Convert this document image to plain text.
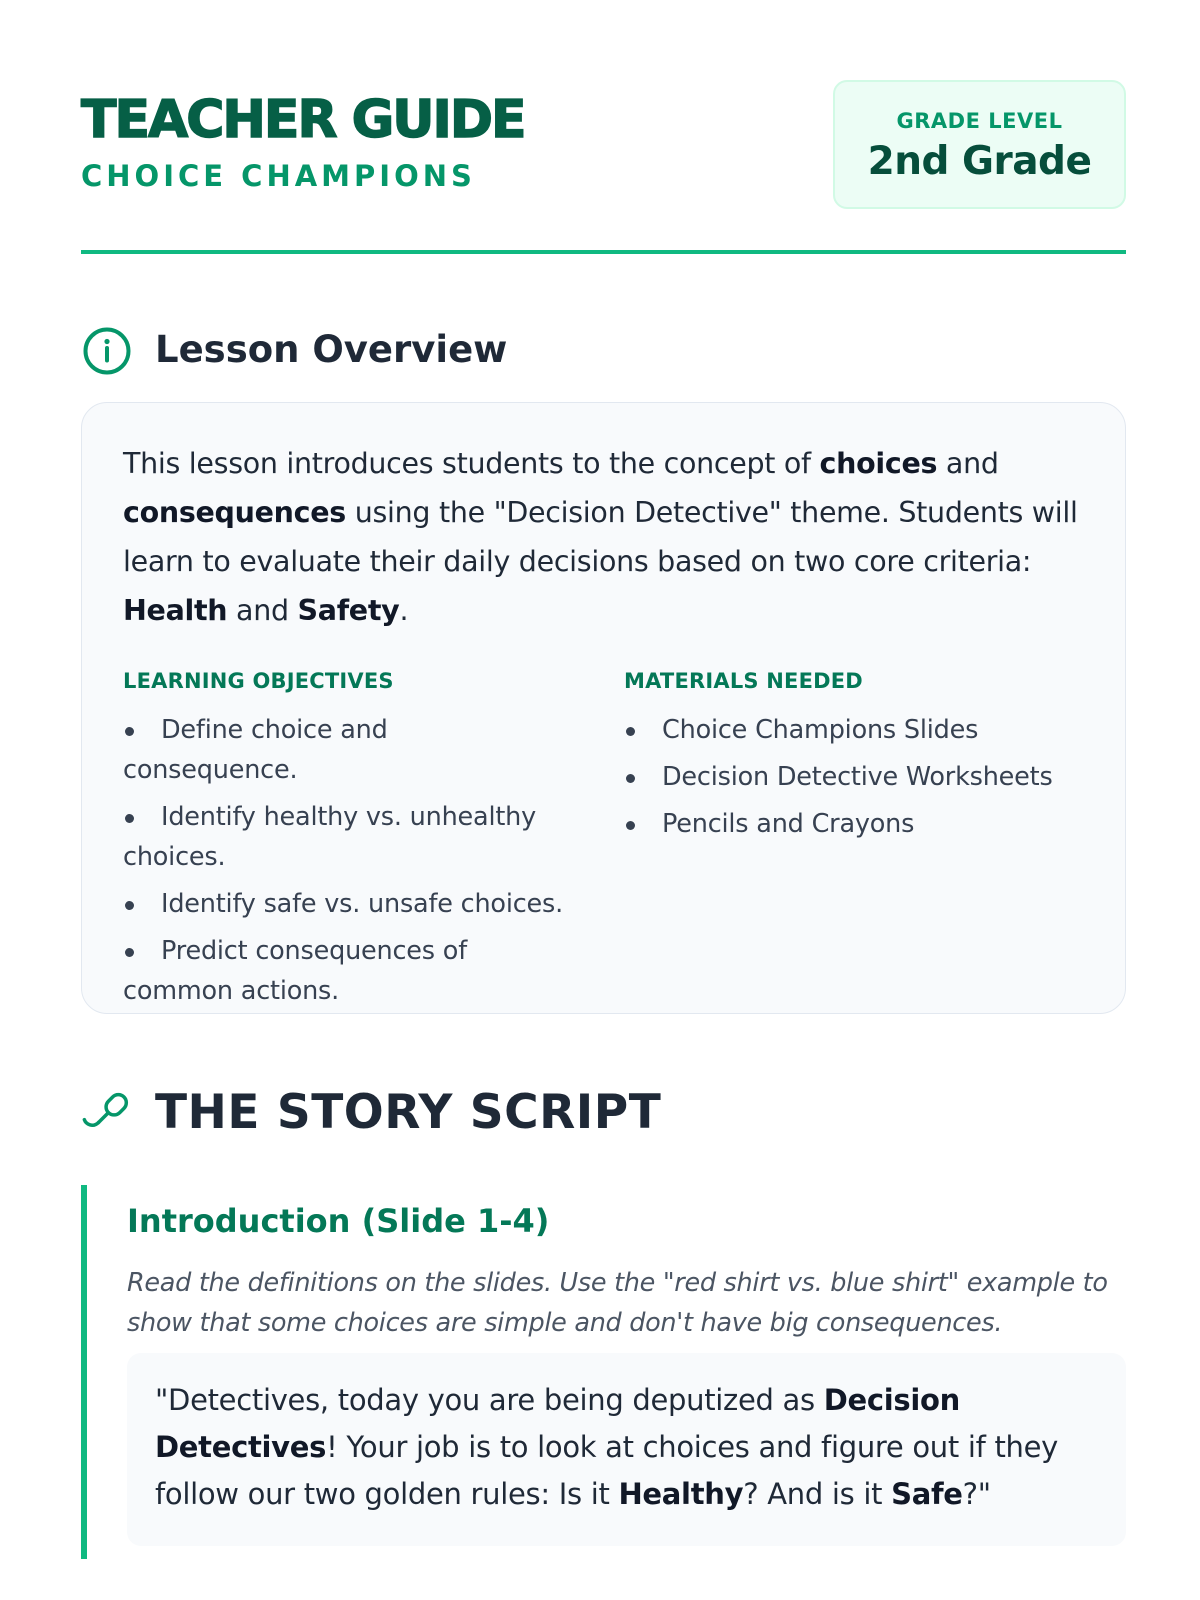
TEACHER GUIDE
CHOICE CHAMPIONS
GRADE LEVEL
2nd Grade
Lesson Overview

This lesson introduces students to the concept of choices and consequences using the "Decision Detective" theme. Students will learn to evaluate their daily decisions based on two core criteria: Health and Safety.

LEARNING OBJECTIVES
Define choice and consequence.
Identify healthy vs. unhealthy choices.
Identify safe vs. unsafe choices.
Predict consequences of common actions.
MATERIALS NEEDED
Choice Champions Slides
Decision Detective Worksheets
Pencils and Crayons
THE STORY SCRIPT
Introduction (Slide 1-4)

Read the definitions on the slides. Use the "red shirt vs. blue shirt" example to show that some choices are simple and don't have big consequences.

"Detectives, today you are being deputized as Decision Detectives! Your job is to look at choices and figure out if they follow our two golden rules: Is it Healthy? And is it Safe?"
